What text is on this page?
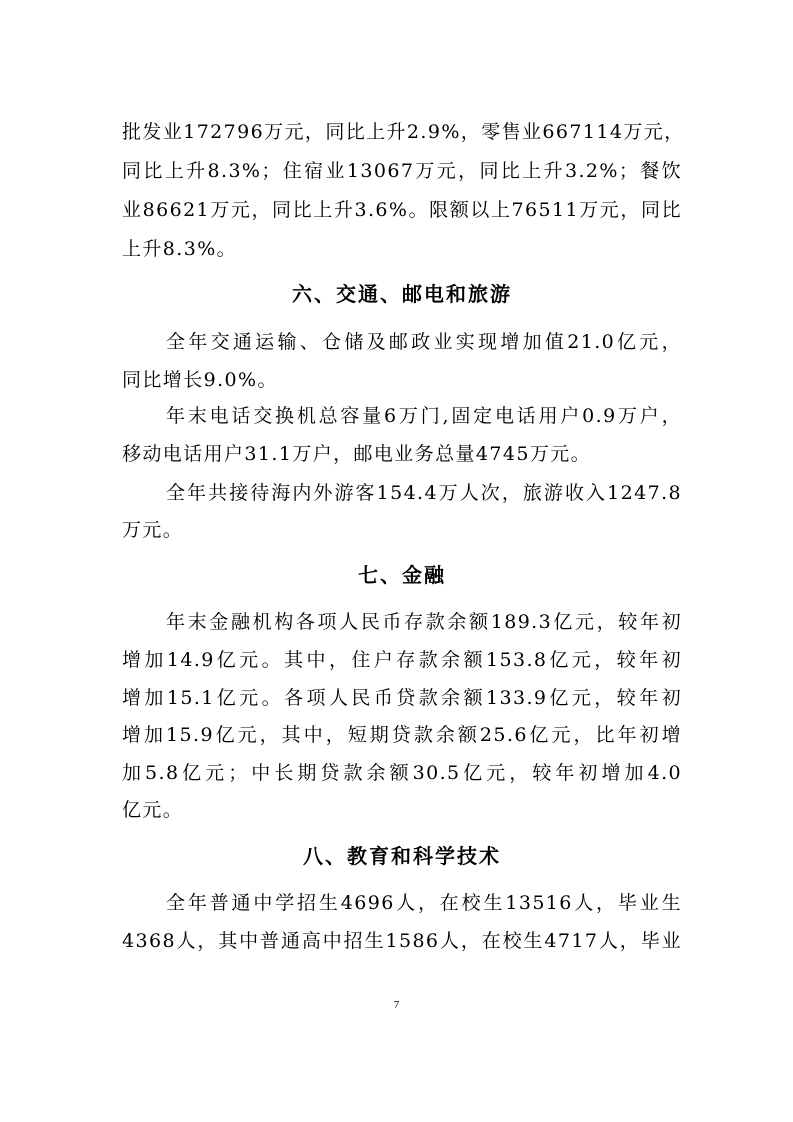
批发业172796万元，同比上升2.9%，零售业667114万元，
同比上升8.3%；住宿业13067万元，同比上升3.2%；餐饮
业86621万元，同比上升3.6%。限额以上76511万元，同比
上升8.3%。
六、交通、邮电和旅游
全年交通运输、仓储及邮政业实现增加值21.0亿元，
同比增长9.0%。
年末电话交换机总容量6万门,固定电话用户0.9万户，
移动电话用户31.1万户，邮电业务总量4745万元。
全年共接待海内外游客154.4万人次，旅游收入1247.8
万元。
七、金融
年末金融机构各项人民币存款余额189.3亿元，较年初
增加14.9亿元。其中，住户存款余额153.8亿元，较年初
增加15.1亿元。各项人民币贷款余额133.9亿元，较年初
增加15.9亿元，其中，短期贷款余额25.6亿元，比年初增
加5.8亿元；中长期贷款余额30.5亿元，较年初增加4.0
亿元。
八、教育和科学技术
全年普通中学招生4696人，在校生13516人，毕业生
4368人，其中普通高中招生1586人，在校生4717人，毕业
7
